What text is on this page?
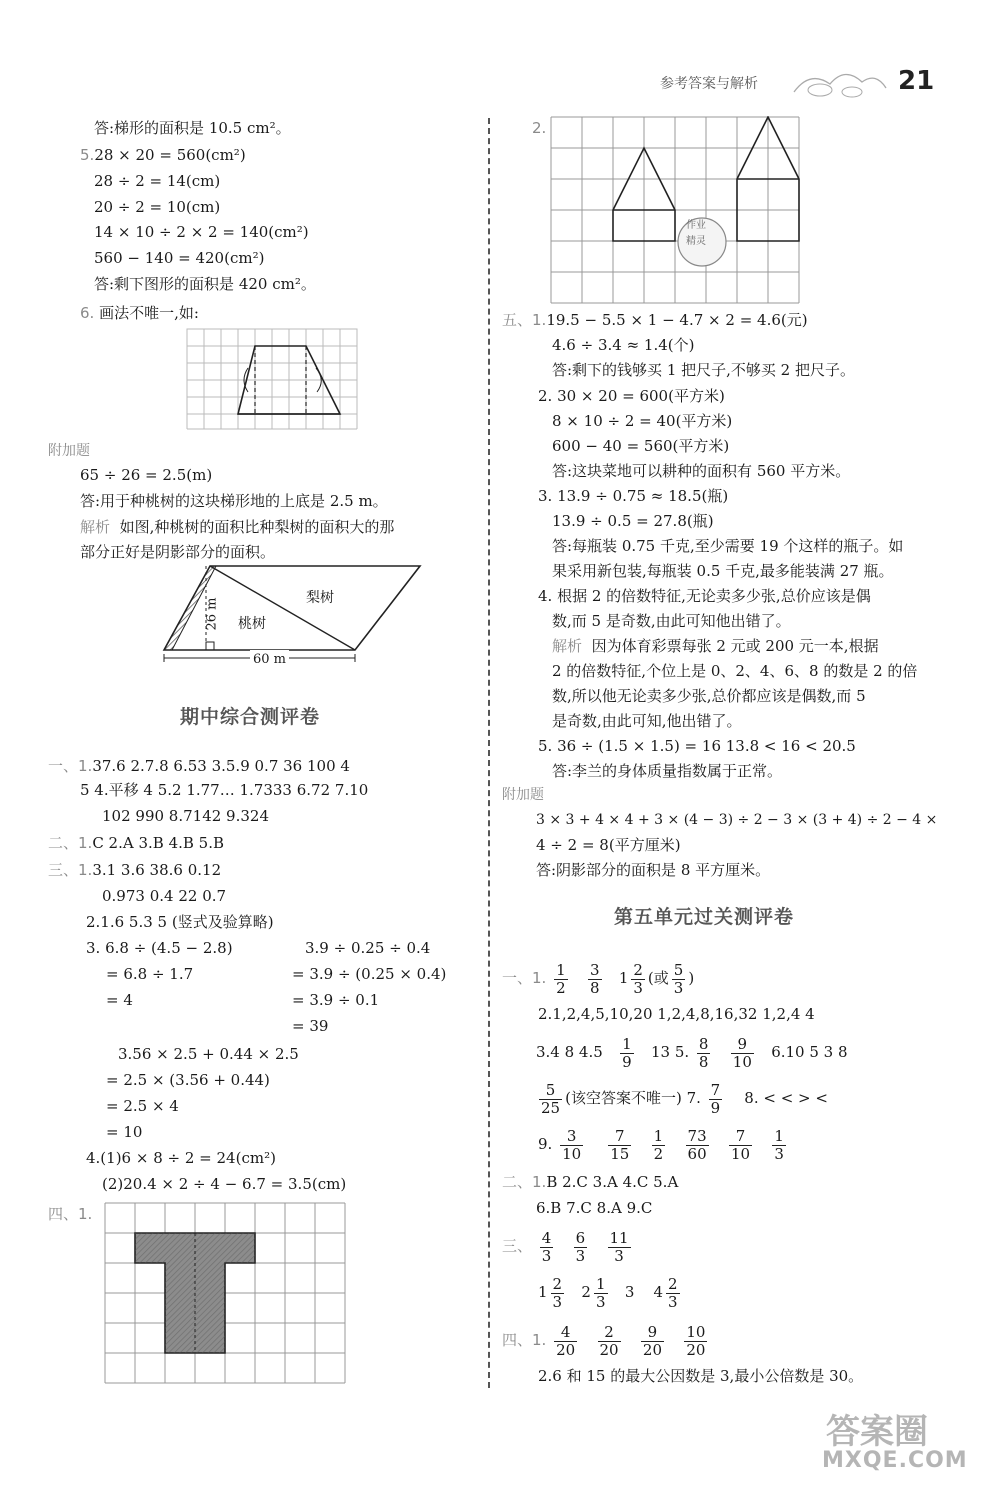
参考答案与解析	21
答:梯形的面积是 10.5 cm²。
5.28 × 20 = 560(cm²)
28 ÷ 2 = 14(cm)
20 ÷ 2 = 10(cm)
14 × 10 ÷ 2 × 2 = 140(cm²)
560 − 140 = 420(cm²)
答:剩下图形的面积是 420 cm²。
6. 画法不唯一,如:
附加题
65 ÷ 26 = 2.5(m)
答:用于种桃树的这块梯形地的上底是 2.5 m。
解析 如图,种桃树的面积比种梨树的面积大的那
部分正好是阴影部分的面积。
梨树
桃树
26 m
60 m
期中综合测评卷
一、1.37.6 2.7.8 6.53 3.5.9 0.7 36 100 4
5 4.平移 4 5.2 1.77… 1.7333 6.72 7.10
102 990 8.7142 9.324
二、1.C 2.A 3.B 4.B 5.B
三、1.3.1 3.6 38.6 0.12
0.973 0.4 22 0.7
2.1.6 5.3 5 (竖式及验算略)
3. 6.8 ÷ (4.5 − 2.8)	3.9 ÷ 0.25 ÷ 0.4
= 6.8 ÷ 1.7	= 3.9 ÷ (0.25 × 0.4)
= 4	= 3.9 ÷ 0.1
= 39
3.56 × 2.5 + 0.44 × 2.5
= 2.5 × (3.56 + 0.44)
= 2.5 × 4
= 10
4.(1)6 × 8 ÷ 2 = 24(cm²)
(2)20.4 × 2 ÷ 4 − 6.7 = 3.5(cm)
四、1.
2.
作业
精灵
五、1.19.5 − 5.5 × 1 − 4.7 × 2 = 4.6(元)
4.6 ÷ 3.4 ≈ 1.4(个)
答:剩下的钱够买 1 把尺子,不够买 2 把尺子。
2. 30 × 20 = 600(平方米)
8 × 10 ÷ 2 = 40(平方米)
600 − 40 = 560(平方米)
答:这块菜地可以耕种的面积有 560 平方米。
3. 13.9 ÷ 0.75 ≈ 18.5(瓶)
13.9 ÷ 0.5 = 27.8(瓶)
答:每瓶装 0.75 千克,至少需要 19 个这样的瓶子。如
果采用新包装,每瓶装 0.5 千克,最多能装满 27 瓶。
4. 根据 2 的倍数特征,无论卖多少张,总价应该是偶
数,而 5 是奇数,由此可知他出错了。
解析 因为体育彩票每张 2 元或 200 元一本,根据
2 的倍数特征,个位上是 0、2、4、6、8 的数是 2 的倍
数,所以他无论卖多少张,总价都应该是偶数,而 5
是奇数,由此可知,他出错了。
5. 36 ÷ (1.5 × 1.5) = 16 13.8 < 16 < 20.5
答:李兰的身体质量指数属于正常。
附加题
3 × 3 + 4 × 4 + 3 × (4 − 3) ÷ 2 − 3 × (3 + 4) ÷ 2 − 4 ×
4 ÷ 2 = 8(平方厘米)
答:阴影部分的面积是 8 平方厘米。
第五单元过关测评卷
一、1. $\frac{1}{2}$
$\frac{3}{8} 1 \frac{2}{3}$ (或 $\frac{5}{3}$ )
2.1,2,4,5,10,20 1,2,4,8,16,32 1,2,4 4
3.4 8 $4.5 \frac{1}{9} 13$ 5. $\frac{8}{8}$
$\frac{9}{10} 6.10$ 5 3 8
$\frac{5}{25}$ (该空答案不唯一) 7. $\frac{7}{9} 8$. < < > <
9. $\frac{3}{10}$
$\frac{7}{15}$
$\frac{1}{2}$
$\frac{73}{60}$
$\frac{7}{10}$
$\frac{1}{3}$
二、1.B 2.C 3.A 4.C 5.A
6.B 7.C 8.A 9.C
三、 $\frac{4}{3}$
$\frac{6}{3}$
$\frac{11}{3}$
$1 \frac{2}{3} 2 \frac{1}{3} 3$ $4 \frac{2}{3}$
四、1. $\frac{4}{20}$
$\frac{2}{20}$
$\frac{9}{20}$
$\frac{10}{20}$
2.6 和 15 的最大公因数是 3,最小公倍数是 30。
答案圈
MXQE.COM
